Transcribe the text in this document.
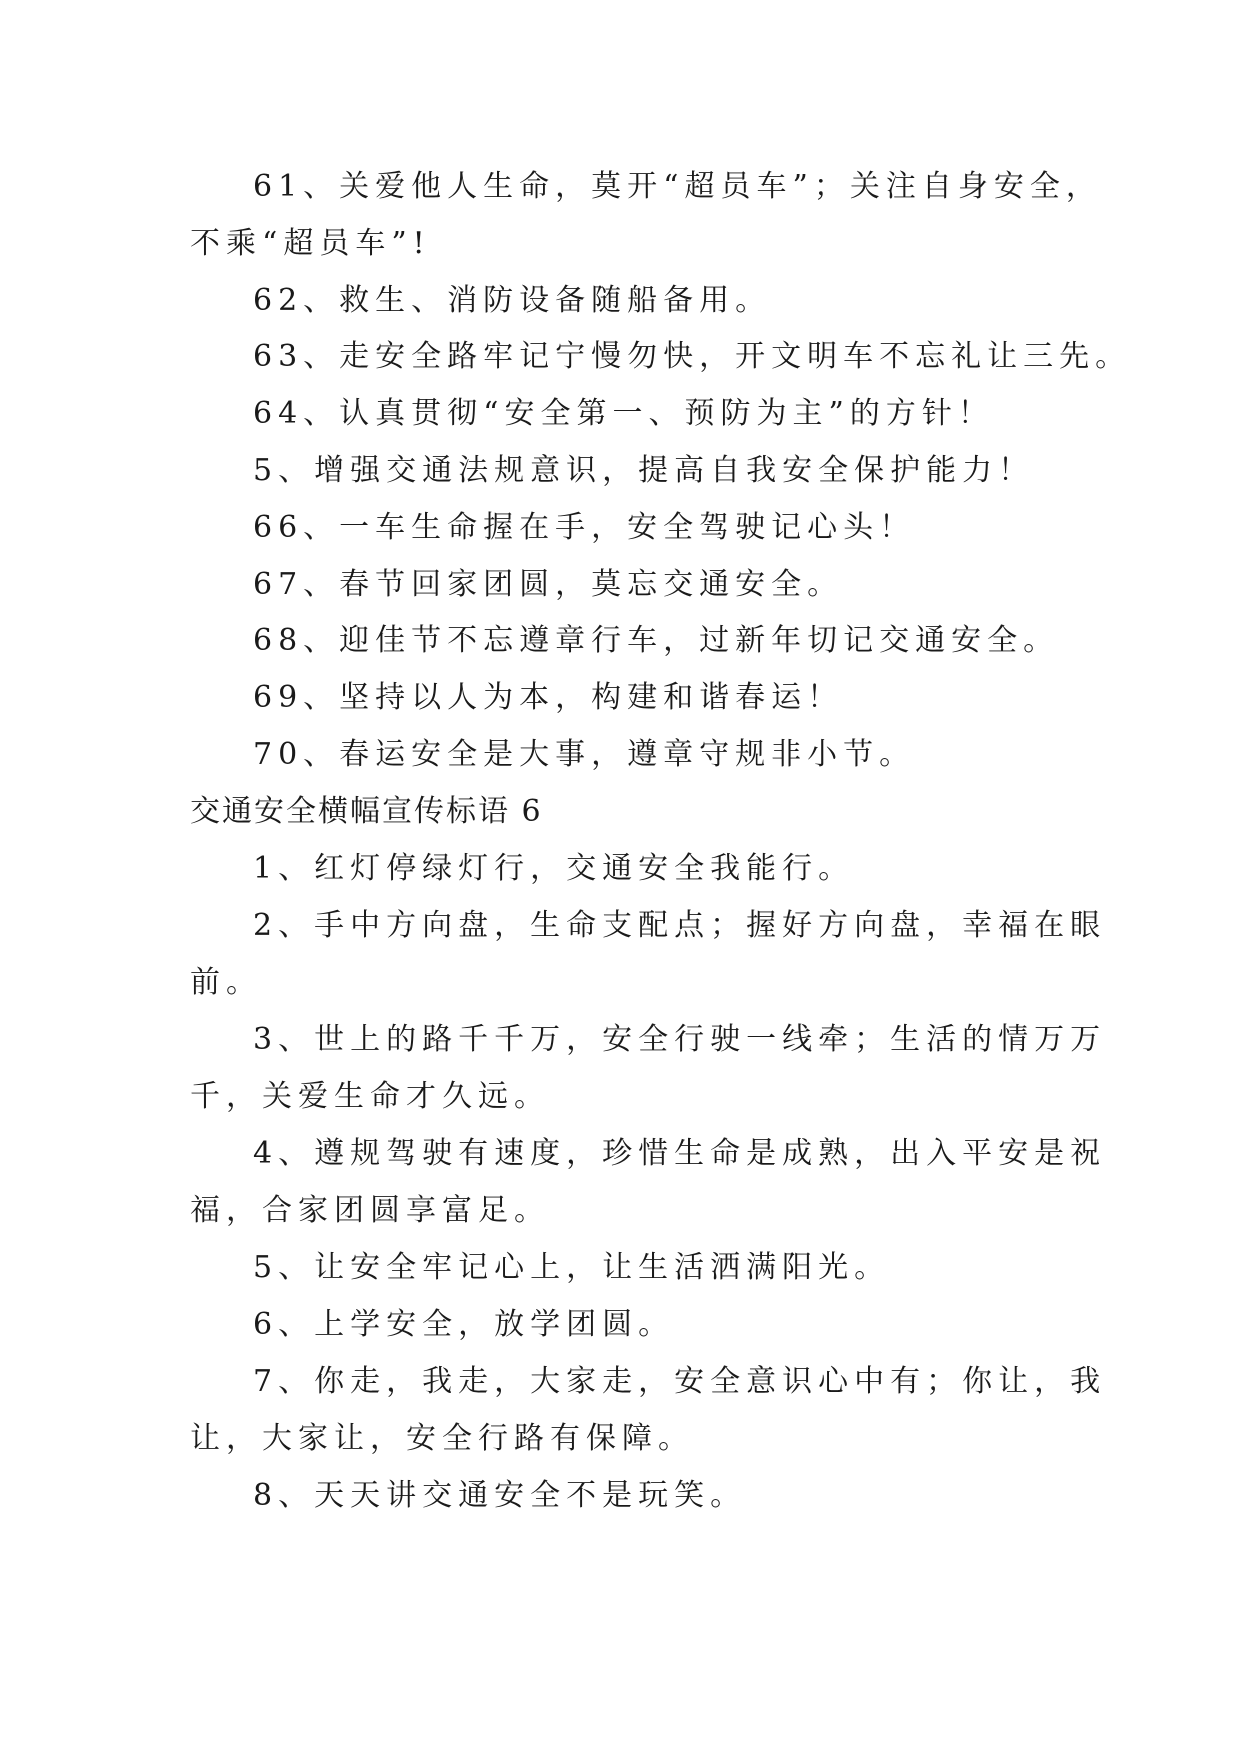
61、关爱他人生命，莫开“超员车”；关注自身安全，
不乘“超员车”!
62、救生、消防设备随船备用。
63、走安全路牢记宁慢勿快，开文明车不忘礼让三先。
64、认真贯彻“安全第一、预防为主”的方针！
5、增强交通法规意识，提高自我安全保护能力！
66、一车生命握在手，安全驾驶记心头！
67、春节回家团圆，莫忘交通安全。
68、迎佳节不忘遵章行车，过新年切记交通安全。
69、坚持以人为本，构建和谐春运！
70、春运安全是大事，遵章守规非小节。
交通安全横幅宣传标语 6
1、红灯停绿灯行，交通安全我能行。
2、手中方向盘，生命支配点；握好方向盘，幸福在眼
前。
3、世上的路千千万，安全行驶一线牵；生活的情万万
千，关爱生命才久远。
4、遵规驾驶有速度，珍惜生命是成熟，出入平安是祝
福，合家团圆享富足。
5、让安全牢记心上，让生活洒满阳光。
6、上学安全，放学团圆。
7、你走，我走，大家走，安全意识心中有；你让，我
让，大家让，安全行路有保障。
8、天天讲交通安全不是玩笑。
